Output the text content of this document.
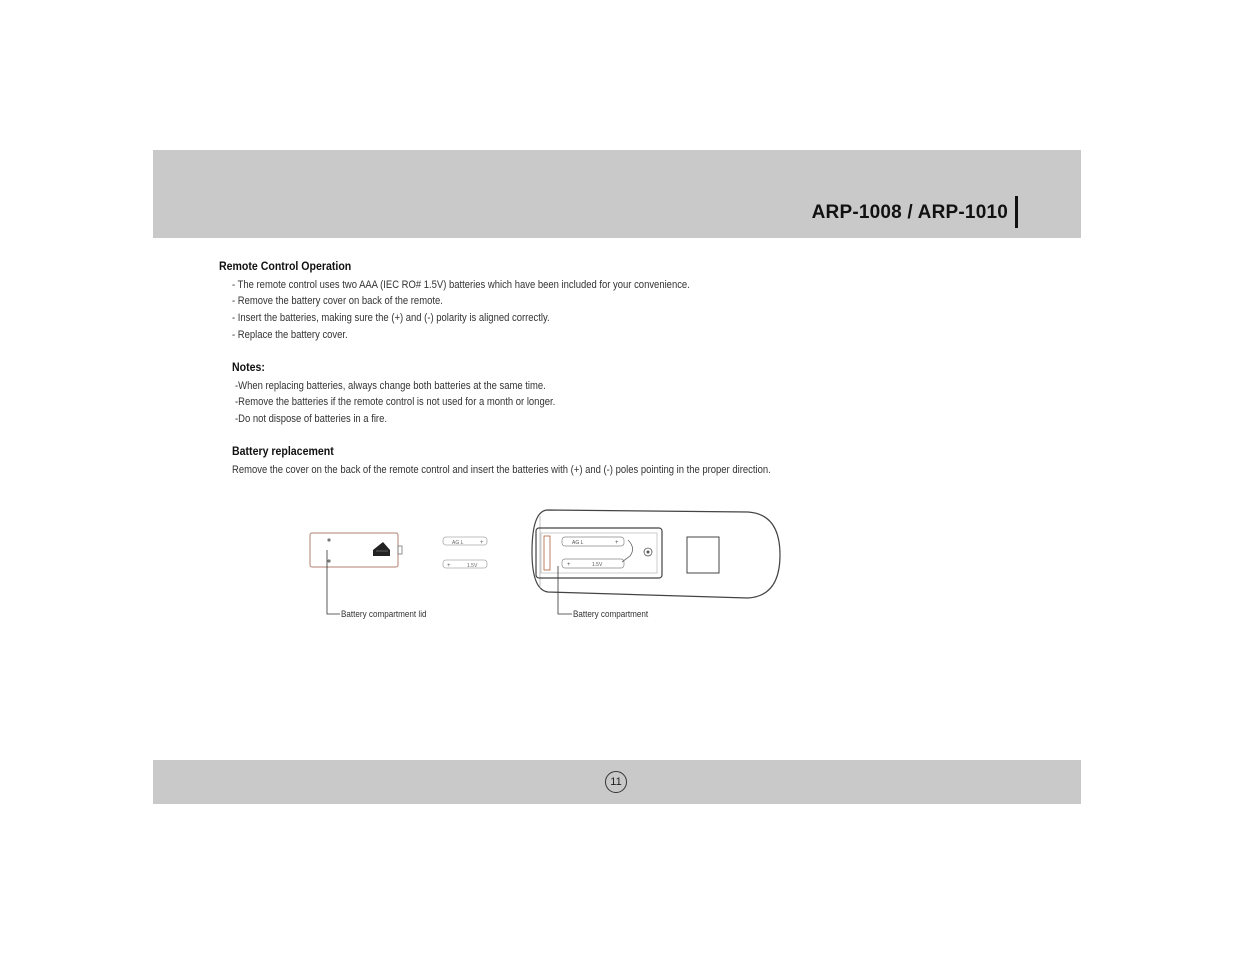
ARP-1008 / ARP-1010
Remote Control Operation
- The remote control uses two AAA (IEC RO# 1.5V) batteries which have been included for your convenience.
- Remove the battery cover on back of the remote.
- Insert the batteries, making sure the (+) and (-) polarity is aligned correctly.
- Replace the battery cover.
Notes:
-When replacing batteries, always change both batteries at the same time.
-Remove the batteries if the remote control is not used for a month or longer.
-Do not dispose of batteries in a fire.
Battery replacement
Remove the cover on the back of the remote control and insert the batteries with (+) and (-) poles pointing in the proper direction.
AG L	+
+	1.5V
AG L	+
+	1.5V
Battery compartment lid	Battery compartment
11
